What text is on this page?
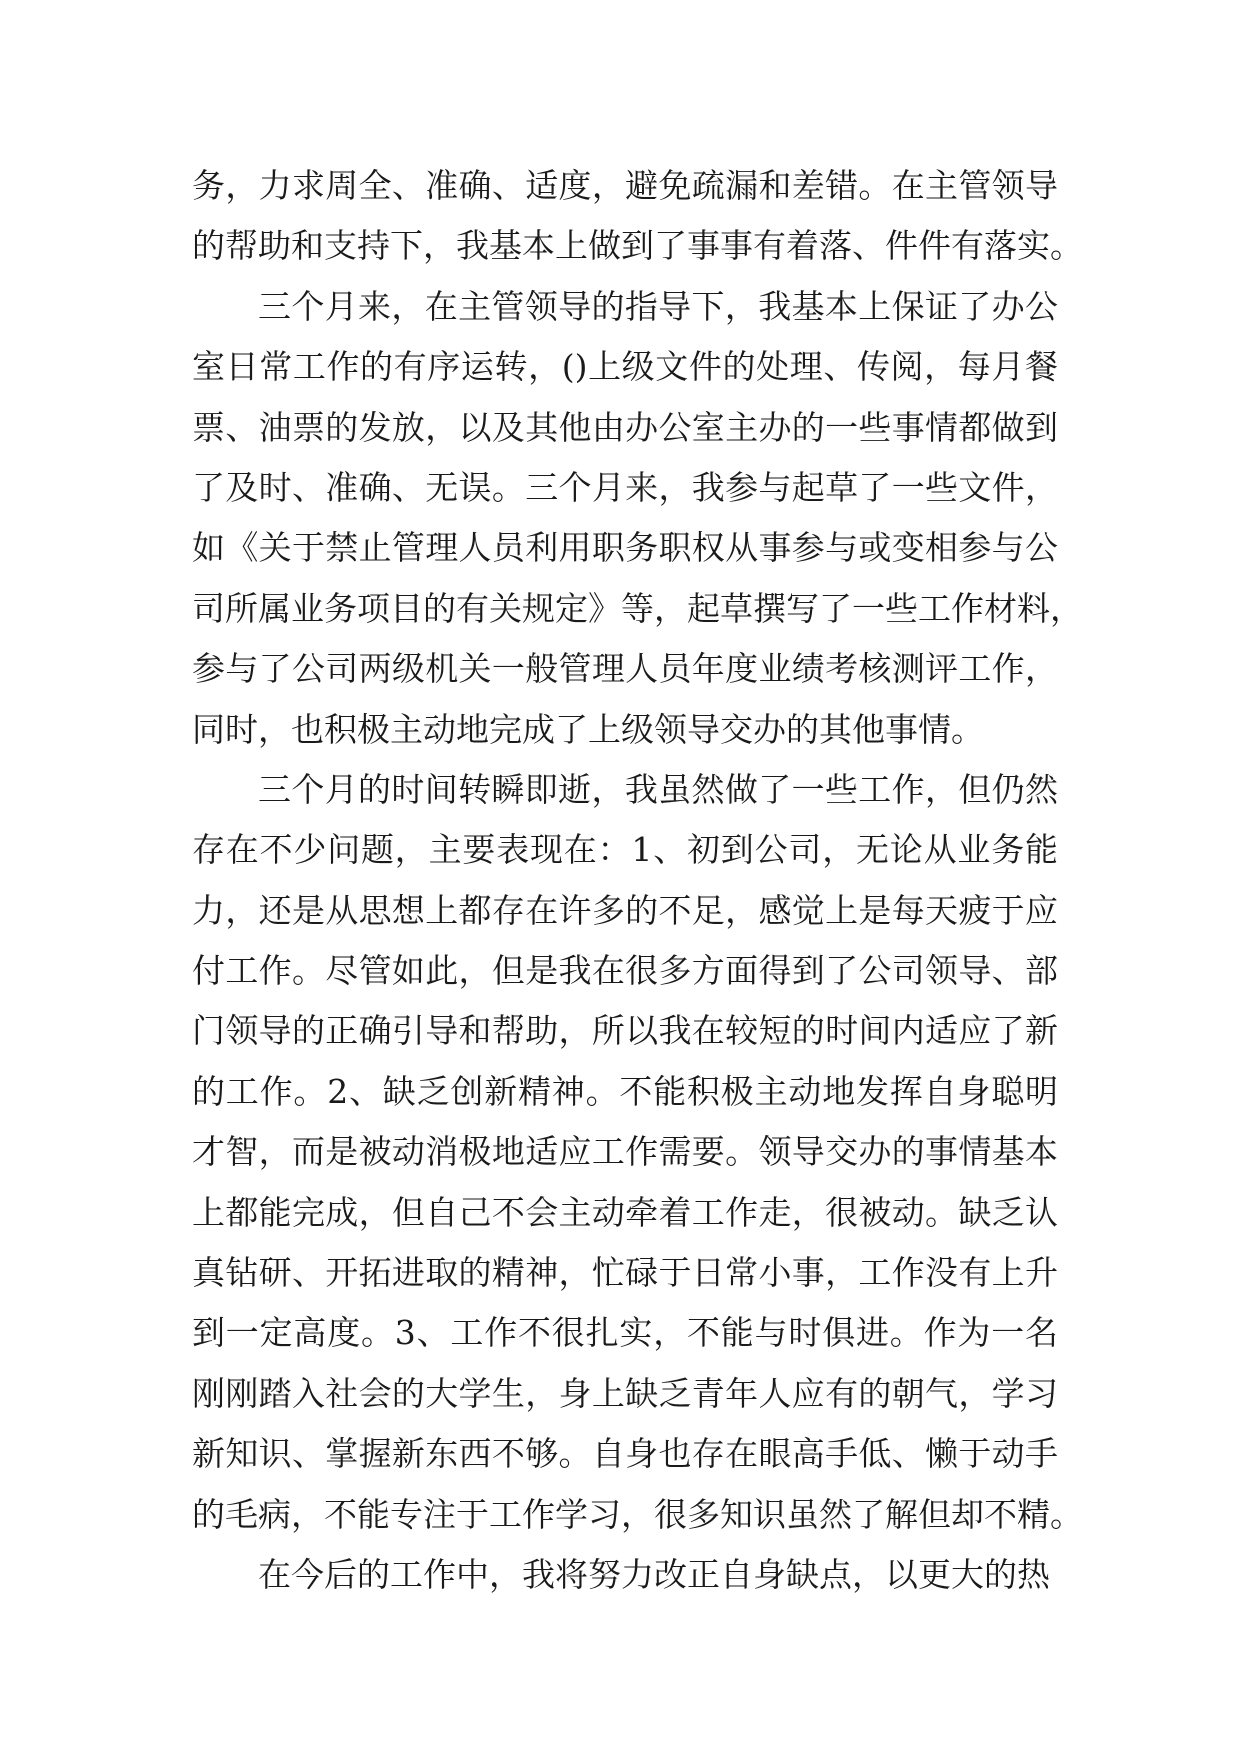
务，力求周全、准确、适度，避免疏漏和差错。在主管领导
的帮助和支持下，我基本上做到了事事有着落、件件有落实。
三个月来，在主管领导的指导下，我基本上保证了办公
室日常工作的有序运转，()上级文件的处理、传阅，每月餐
票、油票的发放，以及其他由办公室主办的一些事情都做到
了及时、准确、无误。三个月来，我参与起草了一些文件，
如《关于禁止管理人员利用职务职权从事参与或变相参与公
司所属业务项目的有关规定》等，起草撰写了一些工作材料，
参与了公司两级机关一般管理人员年度业绩考核测评工作，
同时，也积极主动地完成了上级领导交办的其他事情。
三个月的时间转瞬即逝，我虽然做了一些工作，但仍然
存在不少问题，主要表现在：1、初到公司，无论从业务能
力，还是从思想上都存在许多的不足，感觉上是每天疲于应
付工作。尽管如此，但是我在很多方面得到了公司领导、部
门领导的正确引导和帮助，所以我在较短的时间内适应了新
的工作。2、缺乏创新精神。不能积极主动地发挥自身聪明
才智，而是被动消极地适应工作需要。领导交办的事情基本
上都能完成，但自己不会主动牵着工作走，很被动。缺乏认
真钻研、开拓进取的精神，忙碌于日常小事，工作没有上升
到一定高度。3、工作不很扎实，不能与时俱进。作为一名
刚刚踏入社会的大学生，身上缺乏青年人应有的朝气，学习
新知识、掌握新东西不够。自身也存在眼高手低、懒于动手
的毛病，不能专注于工作学习，很多知识虽然了解但却不精。
在今后的工作中，我将努力改正自身缺点，以更大的热
